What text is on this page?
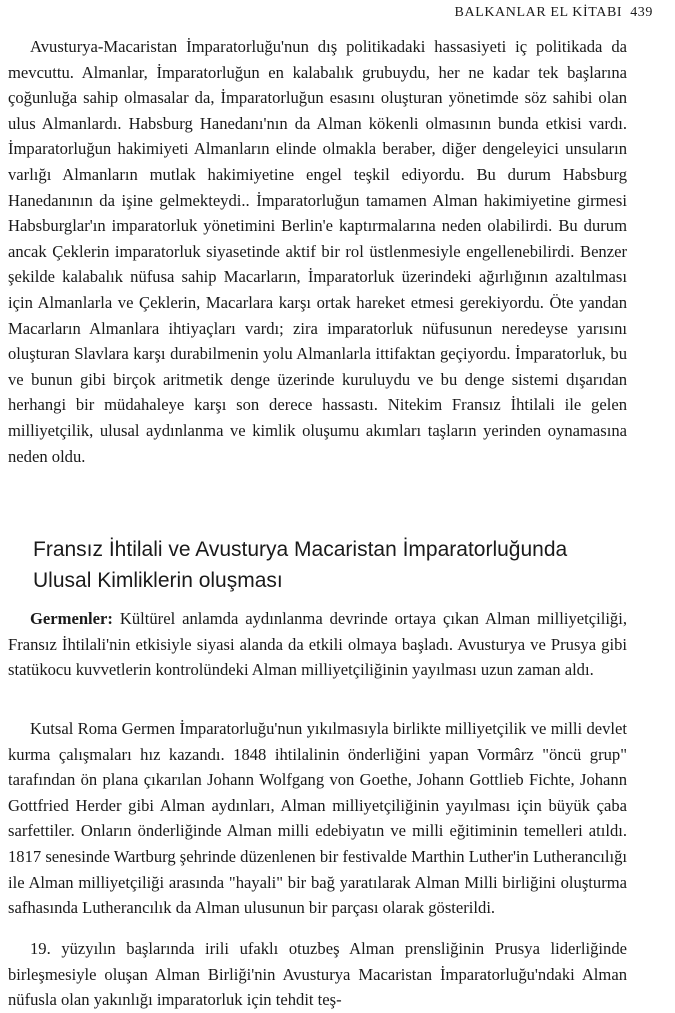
BALKANLAR EL KİTABI 439

Avusturya-Macaristan İmparatorluğu'nun dış politikadaki hassasiyeti iç politikada da mevcuttu. Almanlar, İmparatorluğun en kalabalık grubuydu, her ne kadar tek başlarına çoğunluğa sahip olmasalar da, İmparatorluğun esasını oluşturan yönetimde söz sahibi olan ulus Almanlardı. Habsburg Hanedanı'nın da Alman kökenli olmasının bunda etkisi vardı. İmparatorluğun hakimiyeti Almanların elinde olmakla beraber, diğer dengeleyici unsuların varlığı Almanların mutlak hakimiyetine engel teşkil ediyordu. Bu durum Habsburg Hanedanının da işine gelmekteydi.. İmparatorluğun tamamen Alman hakimiyetine girmesi Habsburglar'ın imparatorluk yönetimini Berlin'e kaptırmalarına neden olabilirdi. Bu durum ancak Çeklerin imparatorluk siyasetinde aktif bir rol üstlenmesiyle engellenebilirdi. Benzer şekilde kalabalık nüfusa sahip Macarların, İmparatorluk üzerindeki ağırlığının azaltılması için Almanlarla ve Çeklerin, Macarlara karşı ortak hareket etmesi gerekiyordu. Öte yandan Macarların Almanlara ihtiyaçları vardı; zira imparatorluk nüfusunun neredeyse yarısını oluşturan Slavlara karşı durabilmenin yolu Almanlarla ittifaktan geçiyordu. İmparatorluk, bu ve bunun gibi birçok aritmetik denge üzerinde kuruluydu ve bu denge sistemi dışarıdan herhangi bir müdahaleye karşı son derece hassastı. Nitekim Fransız İhtilali ile gelen milliyetçilik, ulusal aydınlanma ve kimlik oluşumu akımları taşların yerinden oynamasına neden oldu.

Fransız İhtilali ve Avusturya Macaristan İmparatorluğunda
Ulusal Kimliklerin oluşması

Germenler: Kültürel anlamda aydınlanma devrinde ortaya çıkan Alman milliyetçiliği, Fransız İhtilali'nin etkisiyle siyasi alanda da etkili olmaya başladı. Avusturya ve Prusya gibi statükocu kuvvetlerin kontrolündeki Alman milliyetçiliğinin yayılması uzun zaman aldı.

Kutsal Roma Germen İmparatorluğu'nun yıkılmasıyla birlikte milliyetçilik ve milli devlet kurma çalışmaları hız kazandı. 1848 ihtilalinin önderliğini yapan Vormârz "öncü grup" tarafından ön plana çıkarılan Johann Wolfgang von Goethe, Johann Gottlieb Fichte, Johann Gottfried Herder gibi Alman aydınları, Alman milliyetçiliğinin yayılması için büyük çaba sarfettiler. Onların önderliğinde Alman milli edebiyatın ve milli eğitiminin temelleri atıldı. 1817 senesinde Wartburg şehrinde düzenlenen bir festivalde Marthin Luther'in Lutherancılığı ile Alman milliyetçiliği arasında "hayali" bir bağ yaratılarak Alman Milli birliğini oluşturma safhasında Lutherancılık da Alman ulusunun bir parçası olarak gösterildi.

19. yüzyılın başlarında irili ufaklı otuzbeş Alman prensliğinin Prusya liderliğinde birleşmesiyle oluşan Alman Birliği'nin Avusturya Macaristan İmparatorluğu'ndaki Alman nüfusla olan yakınlığı imparatorluk için tehdit teş-
